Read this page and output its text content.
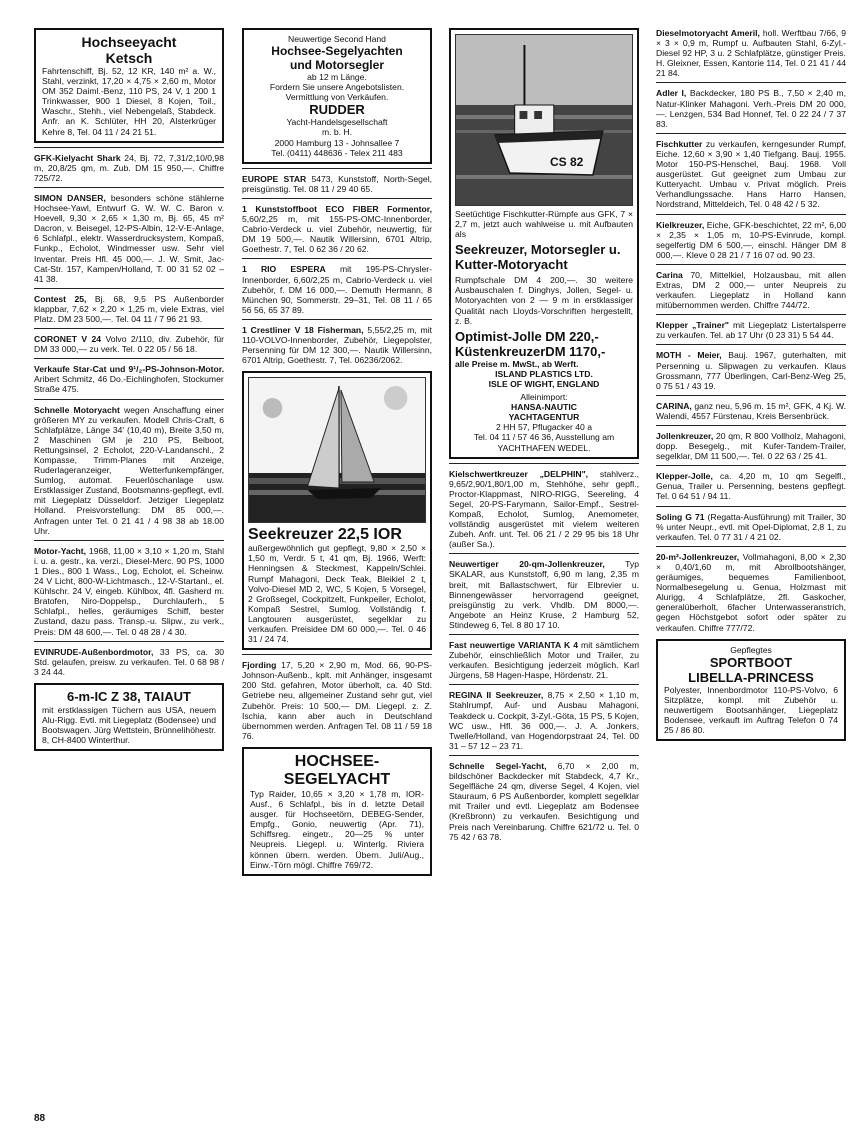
Hochseeyacht
Ketsch
Fahrtenschiff, Bj. 52, 12 KR, 140 m² a. W., Stahl, verzinkt, 17,20 × 4,75 × 2,60 m, Motor OM 352 Daiml.-Benz, 110 PS, 24 V, 1 200 1 Trinkwasser, 900 1 Diesel, 8 Kojen, Toil., Waschr., Stehh., viel Nebengelaß, Stabdeck. Anfr. an K. Schlüter, HH 20, Alsterkrüger Kehre 8, Tel. 04 11 / 24 21 51.
GFK-Kielyacht Shark 24, Bj. 72, 7,31/2,10/0,98 m, 20,8/25 qm, m. Zub. DM 15 950,—. Chiffre 725/72.
SIMON DANSER, besonders schöne stählerne Hochsee-Yawl, Entwurf G. W. W. C. Baron v. Hoevell, 9,30 × 2,65 × 1,30 m, Bj. 65, 45 m² Dacron, v. Beisegel, 12-PS-Albin, 12-V-E-Anlage, 6 Schlafpl., elektr. Wasserdrucksystem, Kompaß, Funkp., Echolot, Windmesser usw. Sehr viel Inventar. Preis Hfl. 45 000,—. J. W. Smit, Jac-Cat-Str. 157, Kampen/Holland, T. 00 31 52 02 – 41 38.
Contest 25, Bj. 68, 9,5 PS Außenborder klappbar, 7,62 × 2,20 × 1,25 m, viele Extras, viel Platz. DM 23 500,—. Tel. 04 11 / 7 96 21 93.
CORONET V 24 Volvo 2/110, div. Zubehör, für DM 33 000,— zu verk. Tel. 0 22 05 / 56 18.
Verkaufe Star-Cat und 9¹/₂-PS-Johnson-Motor. Aribert Schmitz, 46 Do.-Eichlinghofen, Stockumer Straße 475.
Schnelle Motoryacht wegen Anschaffung einer größeren MY zu verkaufen. Modell Chris-Craft, 6 Schlafplätze, Länge 34' (10,40 m), Breite 3,50 m, 2 Maschinen GM je 210 PS, Beiboot, Rettungsinsel, 2 Echolot, 220-V-Landanschl., 2 Kompasse, Trimm-Planes mit Anzeige, Ruderlageranzeiger, Wetterfunkempfänger, Sumlog, automat. Feuerlöschanlage usw. Erstklassiger Zustand, Bootsmanns-gepflegt, evtl. mit Liegeplatz Düsseldorf. Jetziger Liegeplatz Holland. Preisvorstellung: DM 85 000,—. Anfragen unter Tel. 0 21 41 / 4 98 38 ab 18.00 Uhr.
Motor-Yacht, 1968, 11,00 × 3,10 × 1,20 m, Stahl i. u. a. gestr., ka. verzi., Diesel-Merc. 90 PS, 1000 1 Dies., 800 1 Wass., Log, Echolot, el. Scheinw. 24 V Licht, 800-W-Lichtmasch., 12-V-Startanl., el. Kühlschr. 24 V, eingeb. Kühlbox, 4fl. Gasherd m. Bratofen, Niro-Doppelsp., Durchlauferh., 5 Schlafpl., helles, geräumiges Schiff, bester Zustand, dazu pass. Transp.-u. Slipw., zu verk., Preis: DM 48 600,—. Tel. 0 48 28 / 4 30.
EVINRUDE-Außenbordmotor, 33 PS, ca. 30 Std. gelaufen, preisw. zu verkaufen. Tel. 0 68 98 / 3 24 44.
6-m-IC Z 38, TAIAUT
mit erstklassigen Tüchern aus USA, neuem Alu-Rigg. Evtl. mit Liegeplatz (Bodensee) und Bootswagen. Jürg Wettstein, Brünnelihöhestr. 8, CH-8400 Winterthur.
Neuwertige Second Hand
Hochsee-Segelyachten
und Motorsegler
ab 12 m Länge.
Fordern Sie unsere Angebotslisten. Vermittlung von Verkäufen.
RUDDER
Yacht-Handelsgesellschaft
m. b. H.
2000 Hamburg 13 - Johnsallee 7
Tel. (0411) 448636 - Telex 211 483
EUROPE STAR 5473, Kunststoff, North-Segel, preisgünstig. Tel. 08 11 / 29 40 65.
1 Kunststoffboot ECO FIBER Formentor, 5,60/2,25 m, mit 155-PS-OMC-Innenborder, Cabrio-Verdeck u. viel Zubehör, neuwertig, für DM 19 500,—. Nautik Willersinn, 6701 Altrip, Goethestr. 7, Tel. 0 62 36 / 20 62.
1 RIO ESPERA mit 195-PS-Chrysler-Innenborder, 6,60/2,25 m, Cabrio-Verdeck u. viel Zubehör, f. DM 16 000,—. Demuth Hermann, 8 München 90, Sommerstr. 29–31, Tel. 08 11 / 65 56 56, 65 37 89.
1 Crestliner V 18 Fisherman, 5,55/2,25 m, mit 110-VOLVO-Innenborder, Zubehör, Liegepolster, Persenning für DM 12 300,—. Nautik Willersinn, 6701 Altrip, Goethestr. 7, Tel. 06236/2062.
Seekreuzer 22,5 IOR
außergewöhnlich gut gepflegt, 9,80 × 2,50 × 1,50 m, Verdr. 5 t, 41 qm, Bj. 1966, Werft: Henningsen & Steckmest, Kappeln/Schlei. Rumpf Mahagoni, Deck Teak, Bleikiel 2 t, Volvo-Diesel MD 2, WC, 5 Kojen, 5 Vorsegel, 2 Großsegel, Cockpitzelt, Funkpeiler, Echolot, Kompaß Sestrel, Sumlog. Vollständig f. Langtouren ausgerüstet, segelklar zu verkaufen. Preisidee DM 60 000,—. Tel. 0 46 31 / 24 74.
Fjording 17, 5,20 × 2,90 m, Mod. 66, 90-PS-Johnson-Außenb., kplt. mit Anhänger, insgesamt 200 Std. gefahren, Motor überholt, ca. 40 Std. Getriebe neu, allgemeiner Zustand sehr gut, viel Zubehör. Preis: 10 500,— DM. Liegepl. z. Z. Ischia, kann aber auch in Deutschland übernommen werden. Anfragen Tel. 08 11 / 59 18 76.
HOCHSEE-
SEGELYACHT
Typ Raider, 10,65 × 3,20 × 1,78 m, IOR-Ausf., 6 Schlafpl., bis in d. letzte Detail ausger. für Hochseetörn, DEBEG-Sender, Empfg., Gonio, neuwertig (Apr. 71), Schiffsreg. eingetr., 20—25 % unter Neupreis. Liegepl. u. Winterlg. Riviera können übern. werden. Übern. Juli/Aug., Einw.-Törn mögl. Chiffre 769/72.
CS 82
Seetüchtige Fischkutter-Rümpfe aus GFK, 7 × 2,7 m, jetzt auch wahlweise u. mit Aufbauten als
Seekreuzer, Motorsegler u. Kutter-Motoryacht
Rumpfschale DM 4 200,—. 30 weitere Ausbauschalen f. Dinghys, Jollen, Segel- u. Motoryachten von 2 — 9 m in erstklassiger Qualität nach Lloyds-Vorschriften hergestellt, z. B.
Optimist-Jolle DM 220,-
KüstenkreuzerDM 1170,-
alle Preise m. MwSt., ab Werft.
ISLAND PLASTICS LTD.
ISLE OF WIGHT, ENGLAND
Alleinimport:
HANSA-NAUTIC
YACHTAGENTUR
2 HH 57, Pflugacker 40 a
Tel. 04 11 / 57 46 36, Ausstellung am YACHTHAFEN WEDEL.
Kielschwertkreuzer „DELPHIN", stahlverz., 9,65/2,90/1,80/1,00 m, Stehhöhe, sehr gepfl., Proctor-Klappmast, NIRO-RIGG, Seereling, 4 Segel, 20-PS-Farymann, Sailor-Empf., Sestrel-Kompaß, Echolot, Sumlog, Anemometer, vollständig ausgerüstet mit vielem weiteren Zubeh. Anfr. unt. Tel. 06 21 / 2 29 95 bis 18 Uhr (außer Sa.).
Neuwertiger 20-qm-Jollenkreuzer, Typ SKALAR, aus Kunststoff, 6,90 m lang, 2,35 m breit, mit Ballastschwert, für Elbrevier u. Binnengewässer hervorragend geeignet, preisgünstig zu verk. Vhdlb. DM 8000,—. Angebote an Heinz Kruse, 2 Hamburg 52, Stindeweg 6, Tel. 8 80 17 10.
Fast neuwertige VARIANTA K 4 mit sämtlichem Zubehör, einschließlich Motor und Trailer, zu verkaufen. Besichtigung jederzeit möglich. Karl Jürgens, 58 Hagen-Haspe, Hördenstr. 21.
REGINA II Seekreuzer, 8,75 × 2,50 × 1,10 m, Stahlrumpf, Auf- und Ausbau Mahagoni, Teakdeck u. Cockpit, 3-Zyl.-Göta, 15 PS, 5 Kojen, WC usw., Hfl. 36 000,—. J. A. Jonkers, Twelle/Holland, van Hogendorpstraat 24, Tel. 00 31 – 57 12 – 23 71.
Schnelle Segel-Yacht, 6,70 × 2,00 m, bildschöner Backdecker mit Stabdeck, 4,7 Kr., Segelfläche 24 qm, diverse Segel, 4 Kojen, viel Stauraum, 6 PS Außenborder, komplett segelklar mit Trailer und evtl. Liegeplatz am Bodensee (Kreßbronn) zu verkaufen. Besichtigung und Preis nach Vereinbarung. Chiffre 621/72 u. Tel. 0 75 42 / 63 78.
Dieselmotoryacht Ameril, holl. Werftbau 7/66, 9 × 3 × 0,9 m, Rumpf u. Aufbauten Stahl, 6-Zyl.-Diesel 92 HP, 3 u. 2 Schlafplätze, günstiger Preis. H. Gleixner, Essen, Kantorie 114, Tel. 0 21 41 / 44 21 84.
Adler I, Backdecker, 180 PS B., 7,50 × 2,40 m, Natur-Klinker Mahagoni. Verh.-Preis DM 20 000,—. Lenzgen, 534 Bad Honnef, Tel. 0 22 24 / 7 37 83.
Fischkutter zu verkaufen, kerngesunder Rumpf, Eiche. 12,60 × 3,90 × 1,40 Tiefgang. Bauj. 1955. Motor 150-PS-Henschel, Bauj. 1968. Voll ausgerüstet. Gut geeignet zum Umbau zur Kutteryacht. Umbau v. Privat möglich. Preis Verhandlungssache. Hans Harro Hansen, Nordstrand, Mitteldeich, Tel. 0 48 42 / 5 32.
Kielkreuzer, Eiche, GFK-beschichtet, 22 m², 6,00 × 2,35 × 1,05 m, 10-PS-Evinrude, kompl. segelfertig DM 6 500,—, einschl. Hänger DM 8 000,—. Kleve 0 28 21 / 7 16 07 od. 90 23.
Carina 70, Mittelkiel, Holzausbau, mit allen Extras, DM 2 000,— unter Neupreis zu verkaufen. Liegeplatz in Holland kann mitübernommen werden. Chiffre 744/72.
Klepper „Trainer" mit Liegeplatz Listertalsperre zu verkaufen. Tel. ab 17 Uhr (0 23 31) 5 54 44.
MOTH - Meier, Bauj. 1967, guterhalten, mit Persenning u. Slipwagen zu verkaufen. Klaus Grossmann, 777 Überlingen, Carl-Benz-Weg 25, 0 75 51 / 43 19.
CARINA, ganz neu, 5,96 m. 15 m², GFK, 4 Kj. W. Walendi, 4557 Fürstenau, Kreis Bersenbrück.
Jollenkreuzer, 20 qm, R 800 Vollholz, Mahagoni, dopp. Besegelg., mit Kufer-Tandem-Trailer, segelklar, DM 11 500,—. Tel. 0 22 63 / 25 41.
Klepper-Jolle, ca. 4,20 m, 10 qm Segelfl., Genua, Trailer u. Persenning, bestens gepflegt. Tel. 0 64 51 / 94 11.
Soling G 71 (Regatta-Ausführung) mit Trailer, 30 % unter Neupr., evtl. mit Opel-Diplomat, 2,8 1, zu verkaufen. Tel. 0 77 31 / 4 21 02.
20-m²-Jollenkreuzer, Vollmahagoni, 8,00 × 2,30 × 0,40/1,60 m, mit Abrollbootshänger, geräumiges, bequemes Familienboot, Normalbesegelung u. Genua, Holzmast mit Alurigg, 4 Schlafplätze, 2fl. Gaskocher, generalüberholt, 6facher Unterwasseranstrich, gegen Höchstgebot sofort oder später zu verkaufen. Chiffre 777/72.
Gepflegtes
SPORTBOOT
LIBELLA-PRINCESS
Polyester, Innenbordmotor 110-PS-Volvo, 6 Sitzplätze, kompl. mit Zubehör u. neuwertigem Bootsanhänger, Liegeplatz Bodensee, verkauft im Auftrag Telefon 0 74 25 / 86 80.
88
